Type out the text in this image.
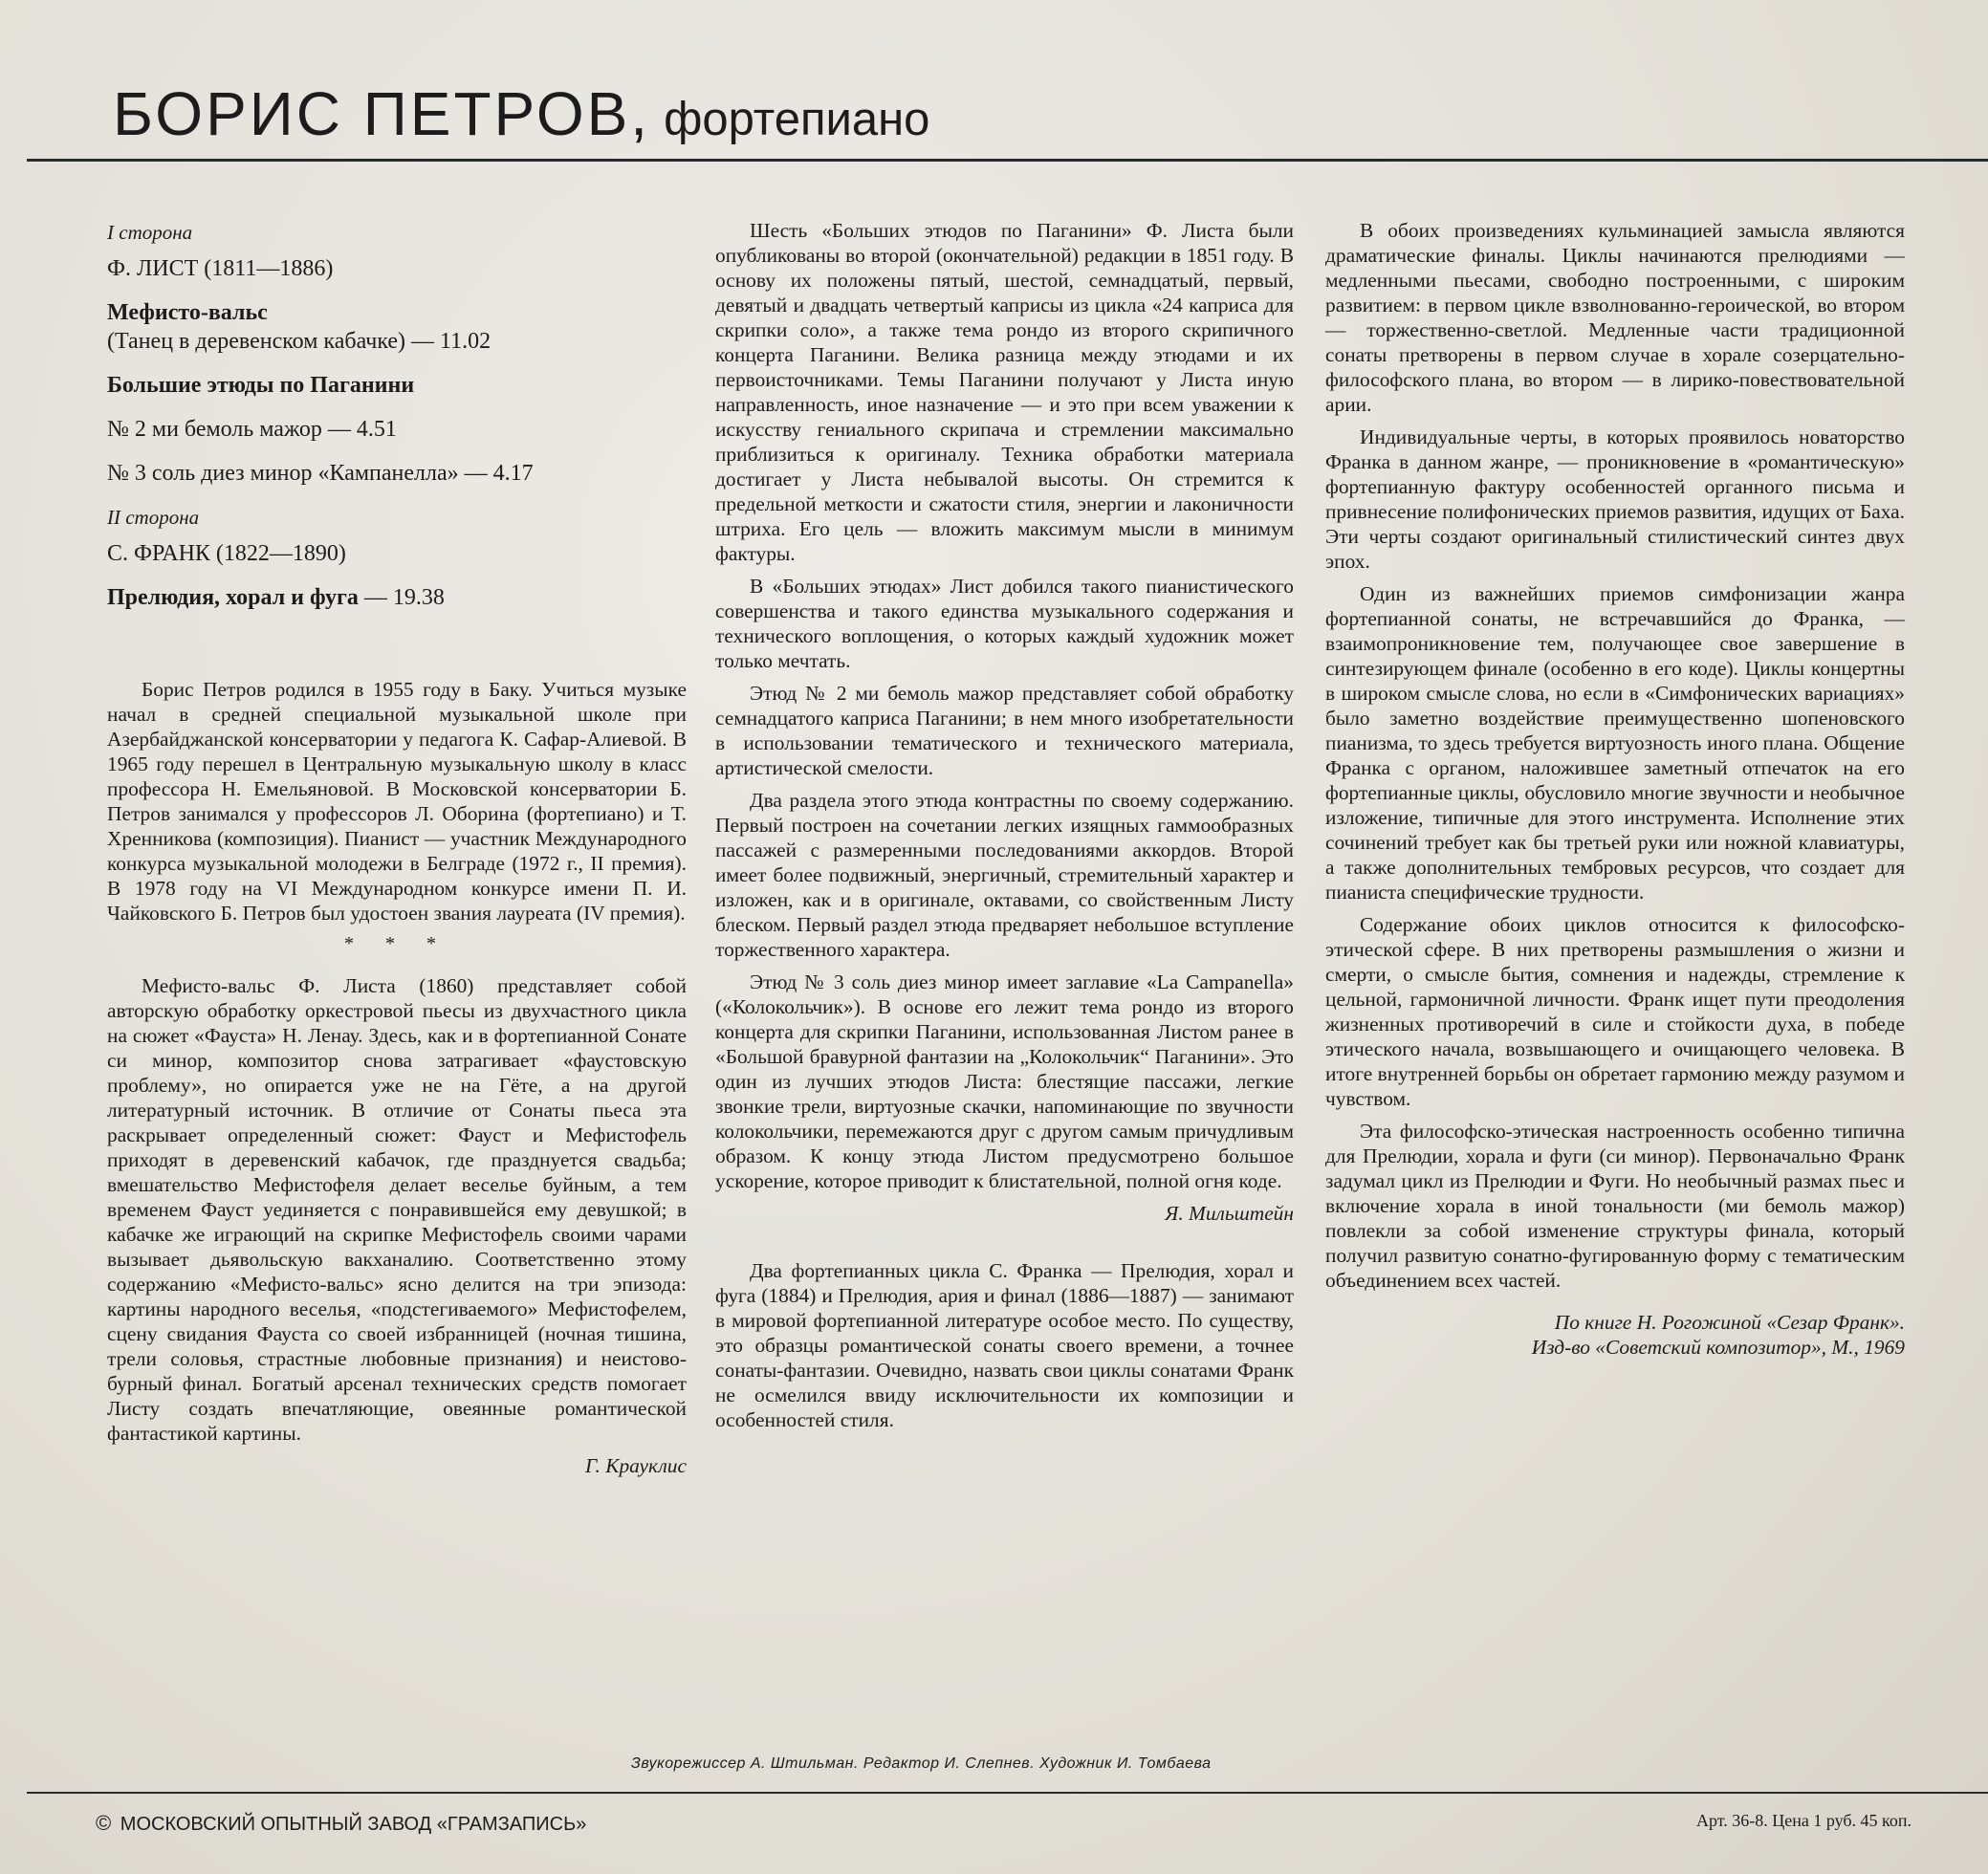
БОРИС ПЕТРОВ, фортепиано
I сторона
Ф. ЛИСТ (1811—1886)
Мефисто-вальс
(Танец в деревенском кабачке) — 11.02
Большие этюды по Паганини
№ 2 ми бемоль мажор — 4.51
№ 3 соль диез минор «Кампанелла» — 4.17
II сторона
С. ФРАНК (1822—1890)
Прелюдия, хорал и фуга — 19.38

Борис Петров родился в 1955 году в Баку. Учиться музыке начал в средней специальной музыкальной школе при Азербайджанской консерватории у педагога К. Сафар-Алиевой. В 1965 году перешел в Центральную музыкальную школу в класс профессора Н. Емельяновой. В Московской консерватории Б. Петров занимался у профессоров Л. Оборина (фортепиано) и Т. Хренникова (композиция). Пианист — участник Международного конкурса музыкальной молодежи в Белграде (1972 г., II премия). В 1978 году на VI Международном конкурсе имени П. И. Чайковского Б. Петров был удостоен звания лауреата (IV премия).

* * *

Мефисто-вальс Ф. Листа (1860) представляет собой авторскую обработку оркестровой пьесы из двухчастного цикла на сюжет «Фауста» Н. Ленау. Здесь, как и в фортепианной Сонате си минор, композитор снова затрагивает «фаустовскую проблему», но опирается уже не на Гёте, а на другой литературный источник. В отличие от Сонаты пьеса эта раскрывает определенный сюжет: Фауст и Мефистофель приходят в деревенский кабачок, где празднуется свадьба; вмешательство Мефистофеля делает веселье буйным, а тем временем Фауст уединяется с понравившейся ему девушкой; в кабачке же играющий на скрипке Мефистофель своими чарами вызывает дьявольскую вакханалию. Соответственно этому содержанию «Мефисто-вальс» ясно делится на три эпизода: картины народного веселья, «подстегиваемого» Мефистофелем, сцену свидания Фауста со своей избранницей (ночная тишина, трели соловья, страстные любовные признания) и неистово-бурный финал. Богатый арсенал технических средств помогает Листу создать впечатляющие, овеянные романтической фантастикой картины.

Г. Крауклис

Шесть «Больших этюдов по Паганини» Ф. Листа были опубликованы во второй (окончательной) редакции в 1851 году. В основу их положены пятый, шестой, семнадцатый, первый, девятый и двадцать четвертый каприсы из цикла «24 каприса для скрипки соло», а также тема рондо из второго скрипичного концерта Паганини. Велика разница между этюдами и их первоисточниками. Темы Паганини получают у Листа иную направленность, иное назначение — и это при всем уважении к искусству гениального скрипача и стремлении максимально приблизиться к оригиналу. Техника обработки материала достигает у Листа небывалой высоты. Он стремится к предельной меткости и сжатости стиля, энергии и лаконичности штриха. Его цель — вложить максимум мысли в минимум фактуры.

В «Больших этюдах» Лист добился такого пианистического совершенства и такого единства музыкального содержания и технического воплощения, о которых каждый художник может только мечтать.

Этюд № 2 ми бемоль мажор представляет собой обработку семнадцатого каприса Паганини; в нем много изобретательности в использовании тематического и технического материала, артистической смелости.

Два раздела этого этюда контрастны по своему содержанию. Первый построен на сочетании легких изящных гаммообразных пассажей с размеренными последованиями аккордов. Второй имеет более подвижный, энергичный, стремительный характер и изложен, как и в оригинале, октавами, со свойственным Листу блеском. Первый раздел этюда предваряет небольшое вступление торжественного характера.

Этюд № 3 соль диез минор имеет заглавие «La Campanella» («Колокольчик»). В основе его лежит тема рондо из второго концерта для скрипки Паганини, использованная Листом ранее в «Большой бравурной фантазии на „Колокольчик“ Паганини». Это один из лучших этюдов Листа: блестящие пассажи, легкие звонкие трели, виртуозные скачки, напоминающие по звучности колокольчики, перемежаются друг с другом самым причудливым образом. К концу этюда Листом предусмотрено большое ускорение, которое приводит к блистательной, полной огня коде.

Я. Мильштейн

Два фортепианных цикла С. Франка — Прелюдия, хорал и фуга (1884) и Прелюдия, ария и финал (1886—1887) — занимают в мировой фортепианной литературе особое место. По существу, это образцы романтической сонаты своего времени, а точнее сонаты-фантазии. Очевидно, назвать свои циклы сонатами Франк не осмелился ввиду исключительности их композиции и особенностей стиля.

В обоих произведениях кульминацией замысла являются драматические финалы. Циклы начинаются прелюдиями — медленными пьесами, свободно построенными, с широким развитием: в первом цикле взволнованно-героической, во втором — торжественно-светлой. Медленные части традиционной сонаты претворены в первом случае в хорале созерцательно-философского плана, во втором — в лирико-повествовательной арии.

Индивидуальные черты, в которых проявилось новаторство Франка в данном жанре, — проникновение в «романтическую» фортепианную фактуру особенностей органного письма и привнесение полифонических приемов развития, идущих от Баха. Эти черты создают оригинальный стилистический синтез двух эпох.

Один из важнейших приемов симфонизации жанра фортепианной сонаты, не встречавшийся до Франка, — взаимопроникновение тем, получающее свое завершение в синтезирующем финале (особенно в его коде). Циклы концертны в широком смысле слова, но если в «Симфонических вариациях» было заметно воздействие преимущественно шопеновского пианизма, то здесь требуется виртуозность иного плана. Общение Франка с органом, наложившее заметный отпечаток на его фортепианные циклы, обусловило многие звучности и необычное изложение, типичные для этого инструмента. Исполнение этих сочинений требует как бы третьей руки или ножной клавиатуры, а также дополнительных тембровых ресурсов, что создает для пианиста специфические трудности.

Содержание обоих циклов относится к философско-этической сфере. В них претворены размышления о жизни и смерти, о смысле бытия, сомнения и надежды, стремление к цельной, гармоничной личности. Франк ищет пути преодоления жизненных противоречий в силе и стойкости духа, в победе этического начала, возвышающего и очищающего человека. В итоге внутренней борьбы он обретает гармонию между разумом и чувством.

Эта философско-этическая настроенность особенно типична для Прелюдии, хорала и фуги (си минор). Первоначально Франк задумал цикл из Прелюдии и Фуги. Но необычный размах пьес и включение хорала в иной тональности (ми бемоль мажор) повлекли за собой изменение структуры финала, который получил развитую сонатно-фугированную форму с тематическим объединением всех частей.

По книге Н. Рогожиной «Сезар Франк».
Изд-во «Советский композитор», М., 1969
Звукорежиссер А. Штильман. Редактор И. Слепнев. Художник И. Томбаева
© МОСКОВСКИЙ ОПЫТНЫЙ ЗАВОД «ГРАМЗАПИСЬ»	Арт. 36-8. Цена 1 руб. 45 коп.
